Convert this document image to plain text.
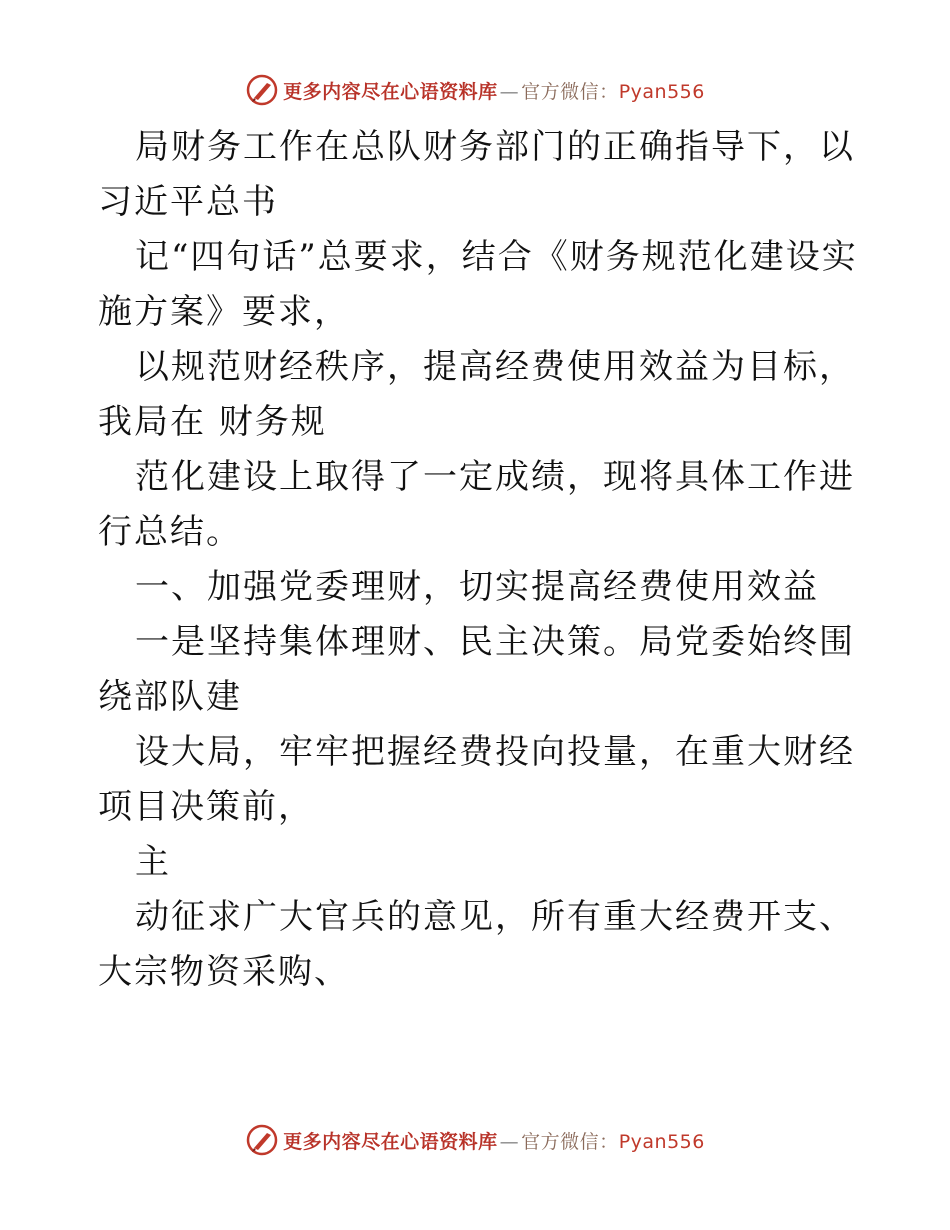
更多内容尽在心语资料库 — 官方微信：Pyan556

局财务工作在总队财务部门的正确指导下，以习近平总书

记“四句话”总要求，结合《财务规范化建设实施方案》要求，

以规范财经秩序，提高经费使用效益为目标，我局在 财务规

范化建设上取得了一定成绩，现将具体工作进行总结。

一、加强党委理财，切实提高经费使用效益

一是坚持集体理财、民主决策。局党委始终围绕部队建

设大局，牢牢把握经费投向投量，在重大财经项目决策前，

主

动征求广大官兵的意见，所有重大经费开支、大宗物资采购、

更多内容尽在心语资料库 — 官方微信：Pyan556
